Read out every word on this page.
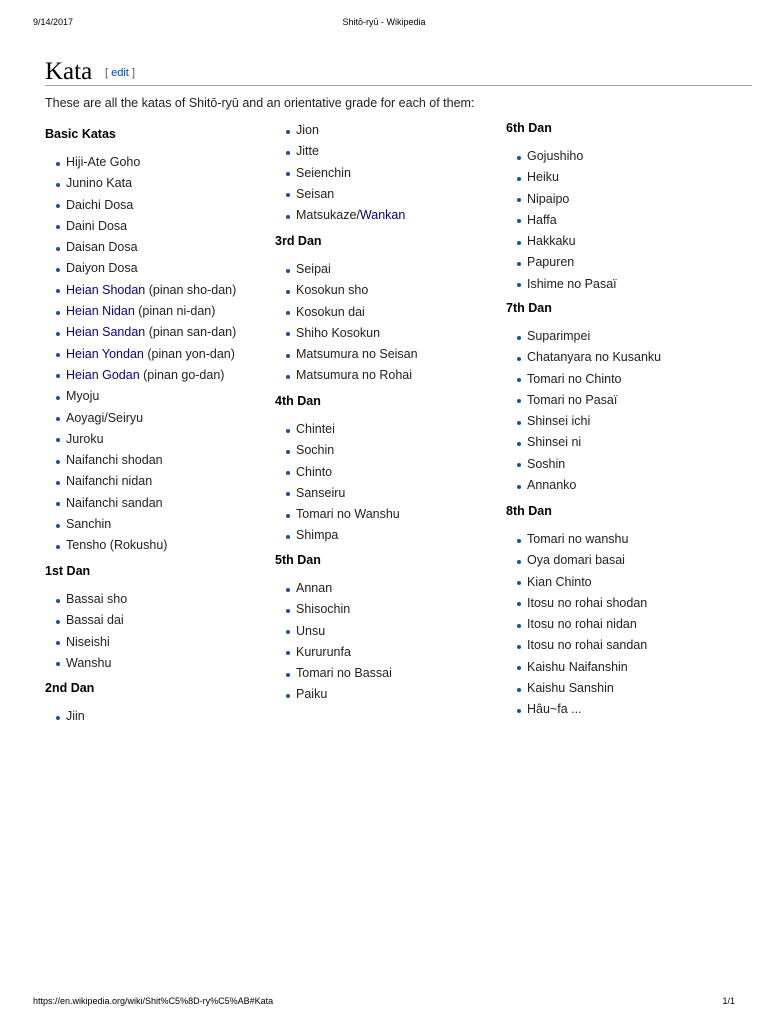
9/14/2017	Shitō-ryū - Wikipedia
Kata [ edit ]

These are all the katas of Shitō-ryū and an orientative grade for each of them:

Basic Katas
Hiji-Ate Goho
Junino Kata
Daichi Dosa
Daini Dosa
Daisan Dosa
Daiyon Dosa
Heian Shodan (pinan sho-dan)
Heian Nidan (pinan ni-dan)
Heian Sandan (pinan san-dan)
Heian Yondan (pinan yon-dan)
Heian Godan (pinan go-dan)
Myoju
Aoyagi/Seiryu
Juroku
Naifanchi shodan
Naifanchi nidan
Naifanchi sandan
Sanchin
Tensho (Rokushu)
1st Dan
Bassai sho
Bassai dai
Niseishi
Wanshu
2nd Dan
Jiin
Jion
Jitte
Seienchin
Seisan
Matsukaze/Wankan
3rd Dan
Seipai
Kosokun sho
Kosokun dai
Shiho Kosokun
Matsumura no Seisan
Matsumura no Rohai
4th Dan
Chintei
Sochin
Chinto
Sanseiru
Tomari no Wanshu
Shimpa
5th Dan
Annan
Shisochin
Unsu
Kururunfa
Tomari no Bassai
Paiku
6th Dan
Gojushiho
Heiku
Nipaipo
Haffa
Hakkaku
Papuren
Ishime no Pasaï
7th Dan
Suparimpei
Chatanyara no Kusanku
Tomari no Chinto
Tomari no Pasaï
Shinsei ichi
Shinsei ni
Soshin
Annanko
8th Dan
Tomari no wanshu
Oya domari basai
Kian Chinto
Itosu no rohai shodan
Itosu no rohai nidan
Itosu no rohai sandan
Kaishu Naifanshin
Kaishu Sanshin
Hâu~fa ...
https://en.wikipedia.org/wiki/Shit%C5%8D-ry%C5%AB#Kata	1/1
